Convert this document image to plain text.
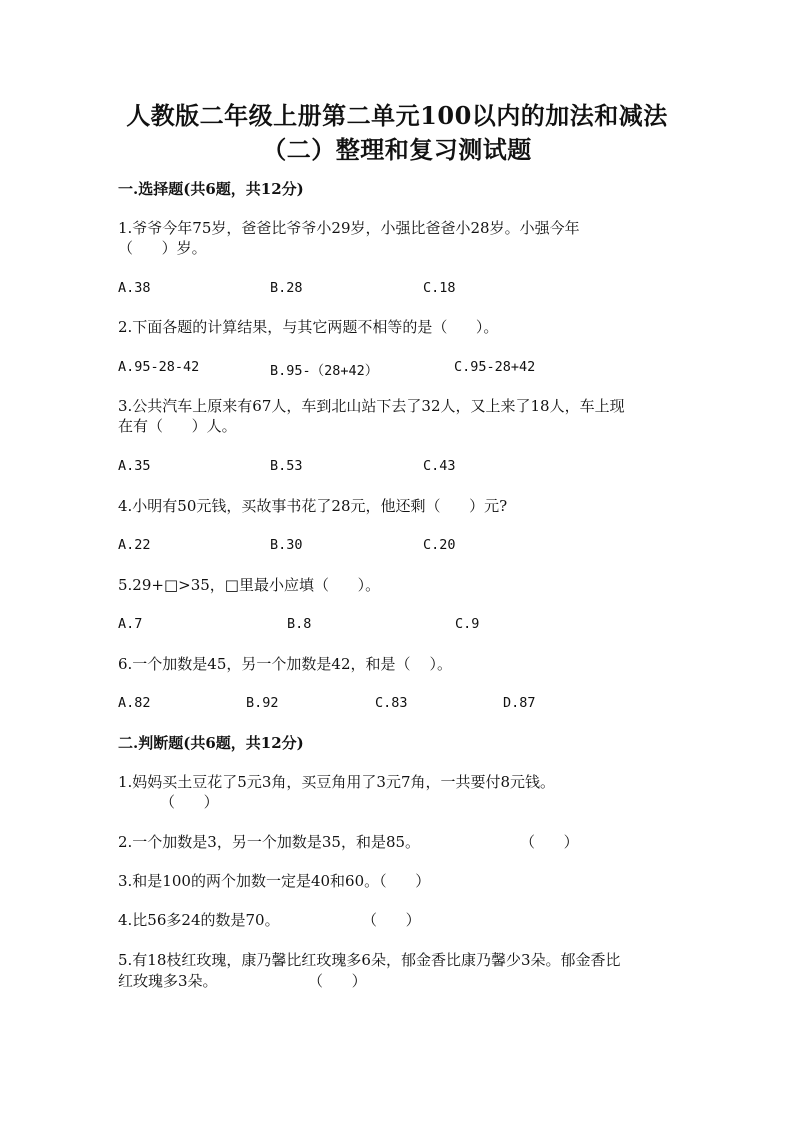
人教版二年级上册第二单元100以内的加法和减法
（二）整理和复习测试题
一.选择题(共6题，共12分)
1.爷爷今年75岁，爸爸比爷爷小29岁，小强比爸爸小28岁。小强今年
（      ）岁。
A.38	B.28	C.18
2.下面各题的计算结果，与其它两题不相等的是（      ）。
A.95-28-42	B.95-（28+42）	C.95-28+42
3.公共汽车上原来有67人，车到北山站下去了32人，又上来了18人，车上现
在有（      ）人。
A.35	B.53	C.43
4.小明有50元钱，买故事书花了28元，他还剩（      ）元?
A.22	B.30	C.20
5.29+□>35，□里最小应填（      ）。
A.7	B.8	C.9
6.一个加数是45，另一个加数是42，和是（    ）。
A.82	B.92	C.83	D.87
二.判断题(共6题，共12分)
1.妈妈买土豆花了5元3角，买豆角用了3元7角，一共要付8元钱。
（      ）
2.一个加数是3，另一个加数是35，和是85。	（      ）
3.和是100的两个加数一定是40和60。（      ）
4.比56多24的数是70。	（      ）
5.有18枝红玫瑰，康乃馨比红玫瑰多6朵，郁金香比康乃馨少3朵。郁金香比
红玫瑰多3朵。	（      ）
